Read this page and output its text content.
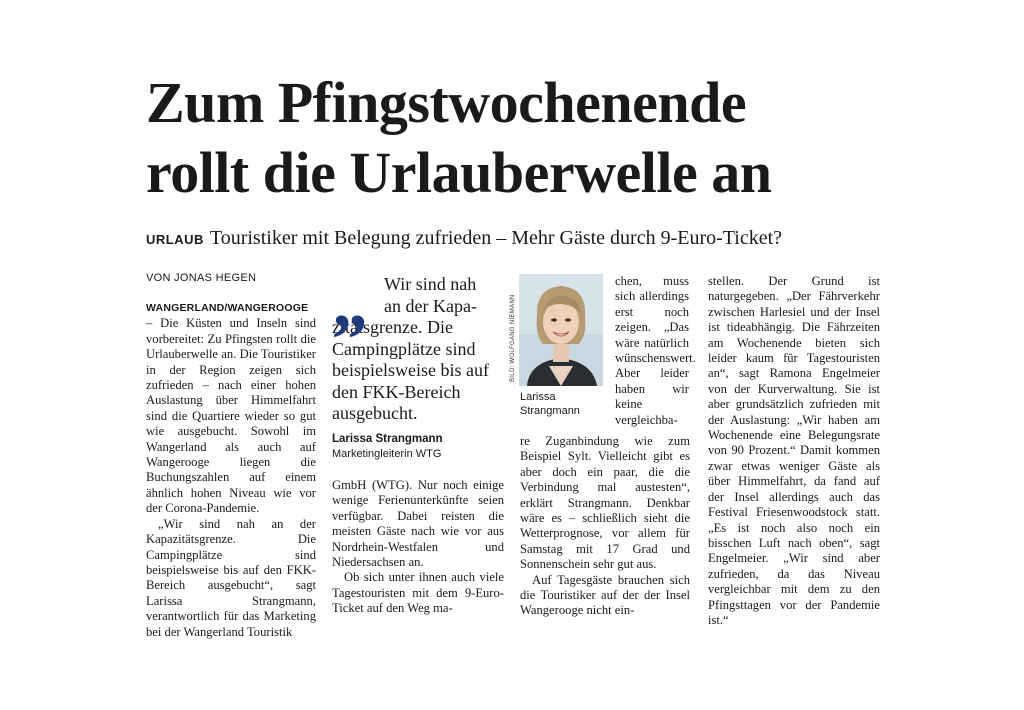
Zum Pfingstwochenende
rollt die Urlauberwelle an
URLAUB Touristiker mit Belegung zufrieden – Mehr Gäste durch 9-Euro-Ticket?
VON JONAS HEGEN

WANGERLAND/WANGEROOGE – Die Küsten und Inseln sind vorbereitet: Zu Pfingsten rollt die Urlauberwelle an. Die Touristiker in der Region zeigen sich zufrieden – nach einer hohen Auslastung über Himmelfahrt sind die Quartiere wieder so gut wie ausgebucht. Sowohl im Wangerland als auch auf Wangerooge liegen die Buchungszahlen auf einem ähnlich hohen Niveau wie vor der Corona-Pandemie.

„Wir sind nah an der Kapazitätsgrenze. Die Campingplätze sind beispielsweise bis auf den FKK-Bereich ausgebucht“, sagt Larissa Strangmann, verantwortlich für das Marketing bei der Wangerland Touristik

„ Wir sind nah
an der Kapa-
zitätsgrenze. Die Campingplätze sind beispielsweise bis auf den FKK-Bereich ausgebucht.

Larissa Strangmann
Marketingleiterin WTG

GmbH (WTG). Nur noch einige wenige Ferienunterkünfte seien verfügbar. Dabei reisten die meisten Gäste nach wie vor aus Nordrhein-Westfalen und Niedersachsen an.

Ob sich unter ihnen auch viele Tagestouristen mit dem 9-Euro-Ticket auf den Weg ma-

BILD: WOLFGANG NIEMANN
Larissa Strangmann

chen, muss sich allerdings erst noch zeigen. „Das wäre natürlich wünschenswert. Aber leider haben wir keine vergleichba-

re Zuganbindung wie zum Beispiel Sylt. Vielleicht gibt es aber doch ein paar, die die Verbindung mal austesten“, erklärt Strangmann. Denkbar wäre es – schließlich sieht die Wetterprognose, vor allem für Samstag mit 17 Grad und Sonnenschein sehr gut aus.

Auf Tagesgäste brauchen sich die Touristiker auf der der Insel Wangerooge nicht ein-

stellen. Der Grund ist naturgegeben. „Der Fährverkehr zwischen Harlesiel und der Insel ist tideabhängig. Die Fährzeiten am Wochenende bieten sich leider kaum für Tagestouristen an“, sagt Ramona Engelmeier von der Kurverwaltung. Sie ist aber grundsätzlich zufrieden mit der Auslastung: „Wir haben am Wochenende eine Belegungsrate von 90 Prozent.“ Damit kommen zwar etwas weniger Gäste als über Himmelfahrt, da fand auf der Insel allerdings auch das Festival Friesenwoodstock statt. „Es ist noch also noch ein bisschen Luft nach oben“, sagt Engelmeier. „Wir sind aber zufrieden, da das Niveau vergleichbar mit dem zu den Pfingsttagen vor der Pandemie ist.“
